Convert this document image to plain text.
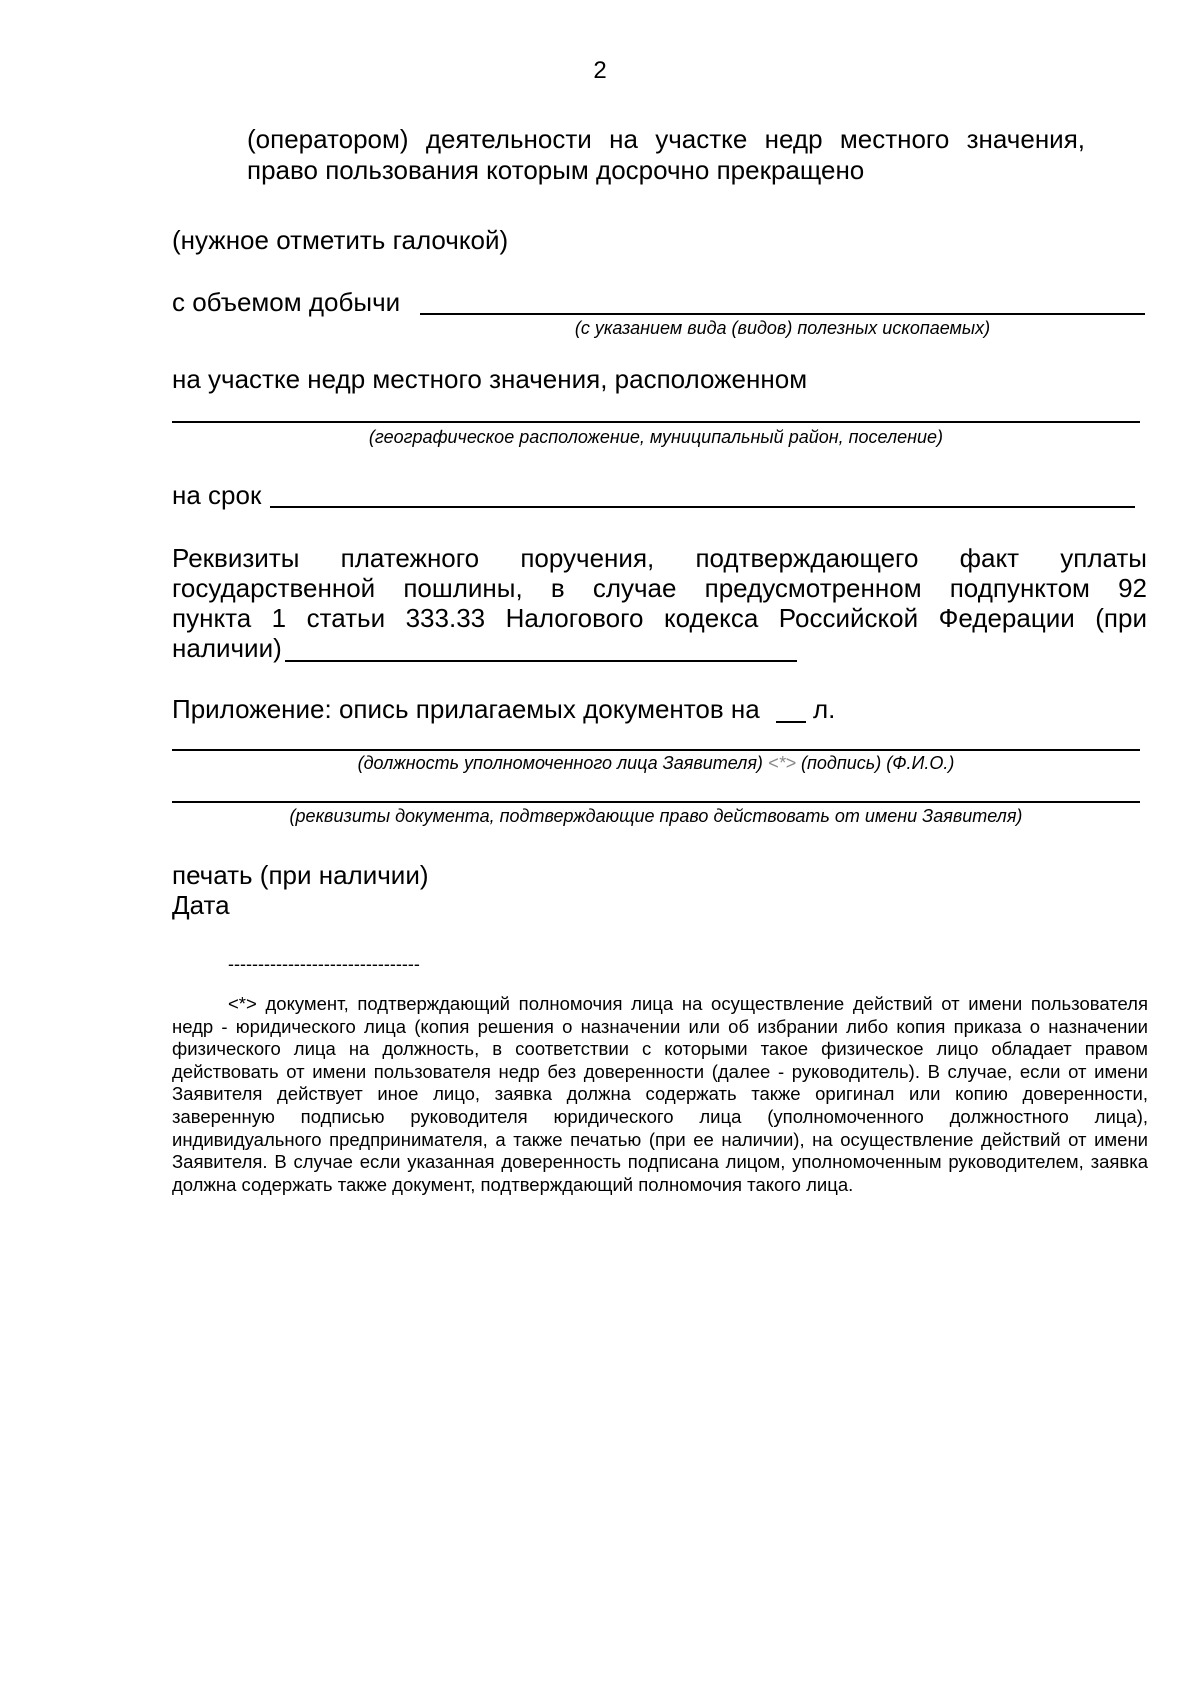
2
(оператором) деятельности на участке недр местного значения,
право пользования которым досрочно прекращено
(нужное отметить галочкой)
с объемом добычи
(с указанием вида (видов) полезных ископаемых)
на участке недр местного значения, расположенном
(географическое расположение, муниципальный район, поселение)
на срок
Реквизиты платежного поручения, подтверждающего факт уплаты
государственной пошлины, в случае предусмотренном подпунктом 92
пункта 1 статьи 333.33 Налогового кодекса Российской Федерации (при
наличии)
Приложение: опись прилагаемых документов на л.
(должность уполномоченного лица Заявителя) <*> (подпись) (Ф.И.О.)
(реквизиты документа, подтверждающие право действовать от имени Заявителя)
печать (при наличии)
Дата
--------------------------------
<*> документ, подтверждающий полномочия лица на осуществление действий от имени пользователя недр - юридического лица (копия решения о назначении или об избрании либо копия приказа о назначении физического лица на должность, в соответствии с которыми такое физическое лицо обладает правом действовать от имени пользователя недр без доверенности (далее - руководитель). В случае, если от имени Заявителя действует иное лицо, заявка должна содержать также оригинал или копию доверенности, заверенную подписью руководителя юридического лица (уполномоченного должностного лица), индивидуального предпринимателя, а также печатью (при ее наличии), на осуществление действий от имени Заявителя. В случае если указанная доверенность подписана лицом, уполномоченным руководителем, заявка должна содержать также документ, подтверждающий полномочия такого лица.
